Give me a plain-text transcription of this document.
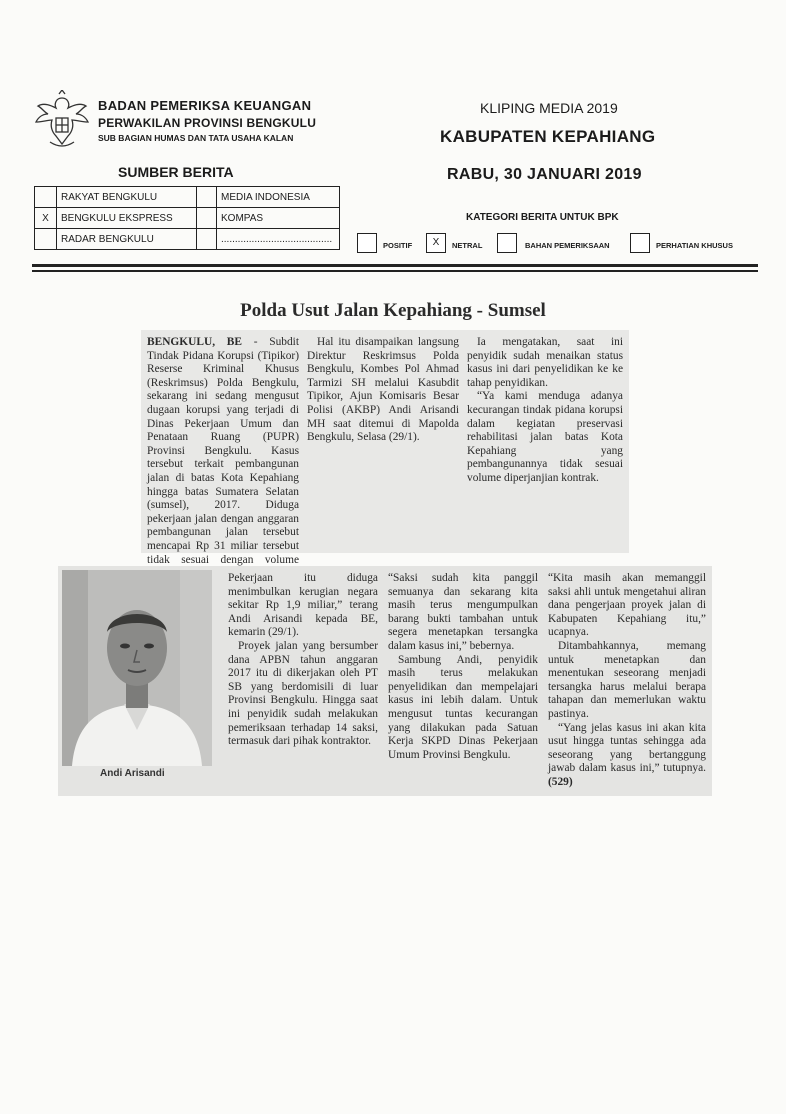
BADAN PEMERIKSA KEUANGAN
PERWAKILAN PROVINSI BENGKULU
SUB BAGIAN HUMAS DAN TATA USAHA KALAN
KLIPING MEDIA 2019
KABUPATEN KEPAHIANG
RABU, 30 JANUARI 2019
SUMBER BERITA
	RAKYAT BENGKULU		MEDIA INDONESIA
X	BENGKULU EKSPRESS		KOMPAS
	RADAR BENGKULU		........................................
KATEGORI BERITA UNTUK BPK
POSITIF	X	NETRAL	BAHAN PEMERIKSAAN	PERHATIAN KHUSUS
Polda Usut Jalan Kepahiang - Sumsel

BENGKULU, BE - Subdit Tindak Pidana Korupsi (Tipikor) Reserse Kriminal Khusus (Reskrimsus) Polda Bengkulu, sekarang ini sedang mengusut dugaan korupsi yang terjadi di Dinas Pekerjaan Umum dan Penataan Ruang (PUPR) Provinsi Bengkulu. Kasus tersebut terkait pembangunan jalan di batas Kota Kepahiang hingga batas Sumatera Selatan (sumsel), 2017. Diduga pekerjaan jalan dengan anggaran pembangunan jalan tersebut mencapai Rp 31 miliar tersebut tidak sesuai dengan volume

Hal itu disampaikan langsung Direktur Reskrimsus Polda Bengkulu, Kombes Pol Ahmad Tarmizi SH melalui Kasubdit Tipikor, Ajun Komisaris Besar Polisi (AKBP) Andi Arisandi MH saat ditemui di Mapolda Bengkulu, Selasa (29/1).

Ia mengatakan, saat ini penyidik sudah menaikan status kasus ini dari penyelidikan ke ke tahap penyidikan.

“Ya kami menduga adanya kecurangan tindak pidana korupsi dalam kegiatan preservasi rehabilitasi jalan batas Kota Kepahiang yang pembangunannya tidak sesuai volume diperjanjian kontrak.

Pekerjaan itu diduga menimbulkan kerugian negara sekitar Rp 1,9 miliar,” terang Andi Arisandi kepada BE, kemarin (29/1).

Proyek jalan yang bersumber dana APBN tahun anggaran 2017 itu di dikerjakan oleh PT SB yang berdomisili di luar Provinsi Bengkulu. Hingga saat ini penyidik sudah melakukan pemeriksaan terhadap 14 saksi, termasuk dari pihak kontraktor.

“Saksi sudah kita panggil semuanya dan sekarang kita masih terus mengumpulkan barang bukti tambahan untuk segera menetapkan tersangka dalam kasus ini,” bebernya.

Sambung Andi, penyidik masih terus melakukan penyelidikan dan mempelajari kasus ini lebih dalam. Untuk mengusut tuntas kecurangan yang dilakukan pada Satuan Kerja SKPD Dinas Pekerjaan Umum Provinsi Bengkulu.

“Kita masih akan memanggil saksi ahli untuk mengetahui aliran dana pengerjaan proyek jalan di Kabupaten Kepahiang itu,” ucapnya.

Ditambahkannya, memang untuk menetapkan dan menentukan seseorang menjadi tersangka harus melalui berapa tahapan dan memerlukan waktu pastinya.

“Yang jelas kasus ini akan kita usut hingga tuntas sehingga ada seseorang yang bertanggung jawab dalam kasus ini,” tutupnya. (529)

Andi Arisandi
